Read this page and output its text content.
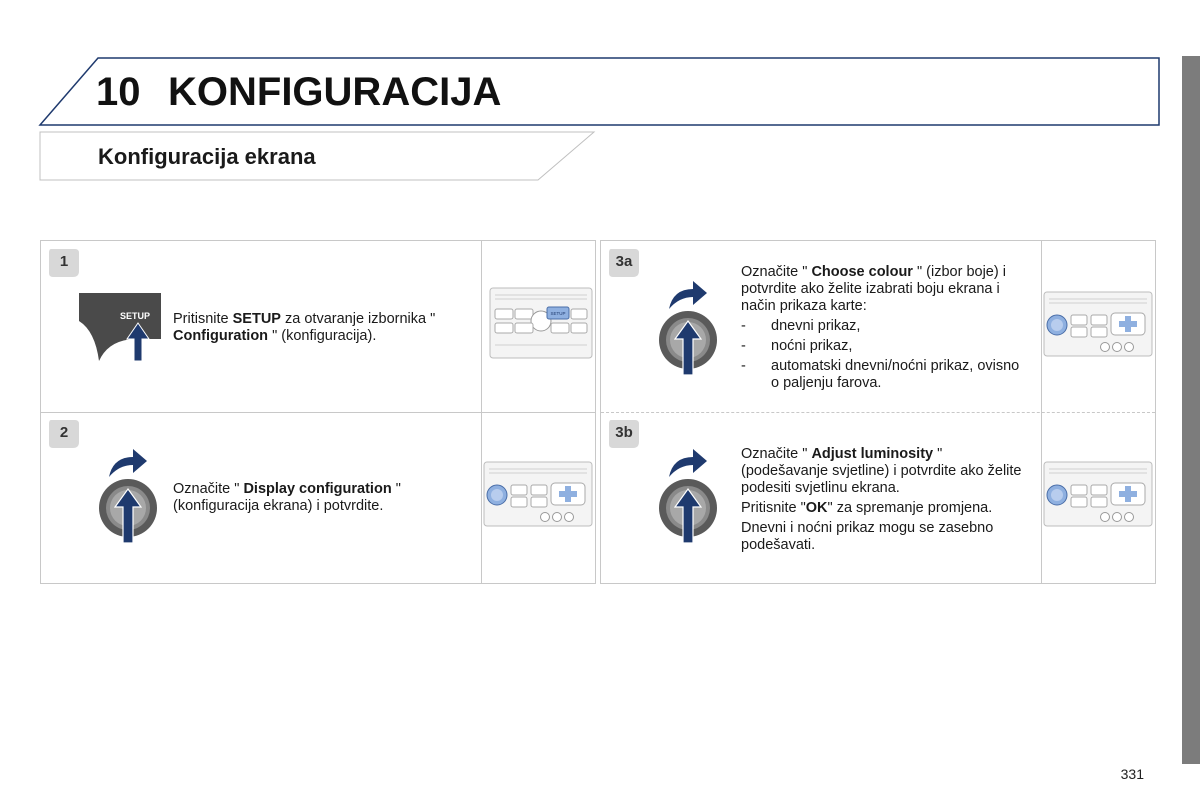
10 KONFIGURACIJA
Konfiguracija ekrana
1
SETUP Pritisnite SETUP za otvaranje izbornika " Configuration " (konfiguracija).
SETUP
2
Označite " Display configuration " (konfiguracija ekrana) i potvrdite.
3a
Označite " Choose colour " (izbor boje) i potvrdite ako želite izabrati boju ekrana i način prikaza karte:
- dnevni prikaz,
- noćni prikaz,
- automatski dnevni/noćni prikaz, ovisno o paljenju farova.
3b
Označite " Adjust luminosity " (podešavanje svjetline) i potvrdite ako želite podesiti svjetlinu ekrana.
Pritisnite "OK" za spremanje promjena.
Dnevni i noćni prikaz mogu se zasebno podešavati.
331
